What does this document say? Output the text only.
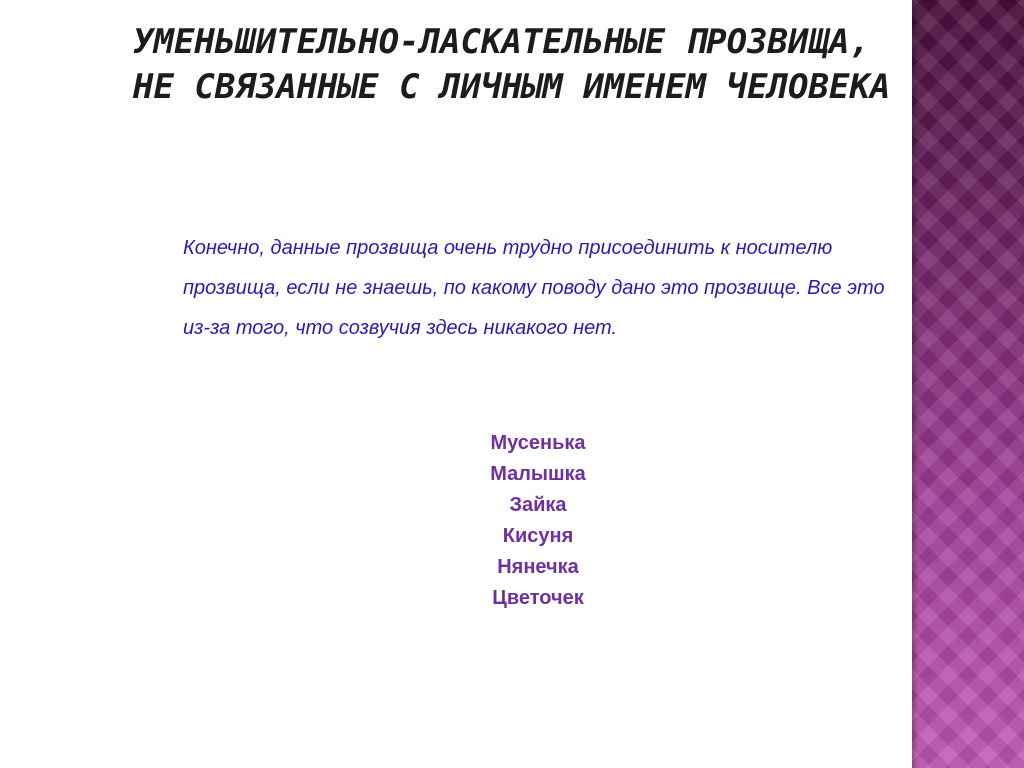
УМЕНЬШИТЕЛЬНО-ЛАСКАТЕЛЬНЫЕ ПРОЗВИЩА, НЕ СВЯЗАННЫЕ С ЛИЧНЫМ ИМЕНЕМ ЧЕЛОВЕКА

Конечно, данные прозвища очень трудно присоединить к носителю прозвища, если не знаешь, по какому поводу дано это прозвище. Все это из-за того, что созвучия здесь никакого нет.

Мусенька
Малышка
Зайка
Кисуня
Нянечка
Цветочек
